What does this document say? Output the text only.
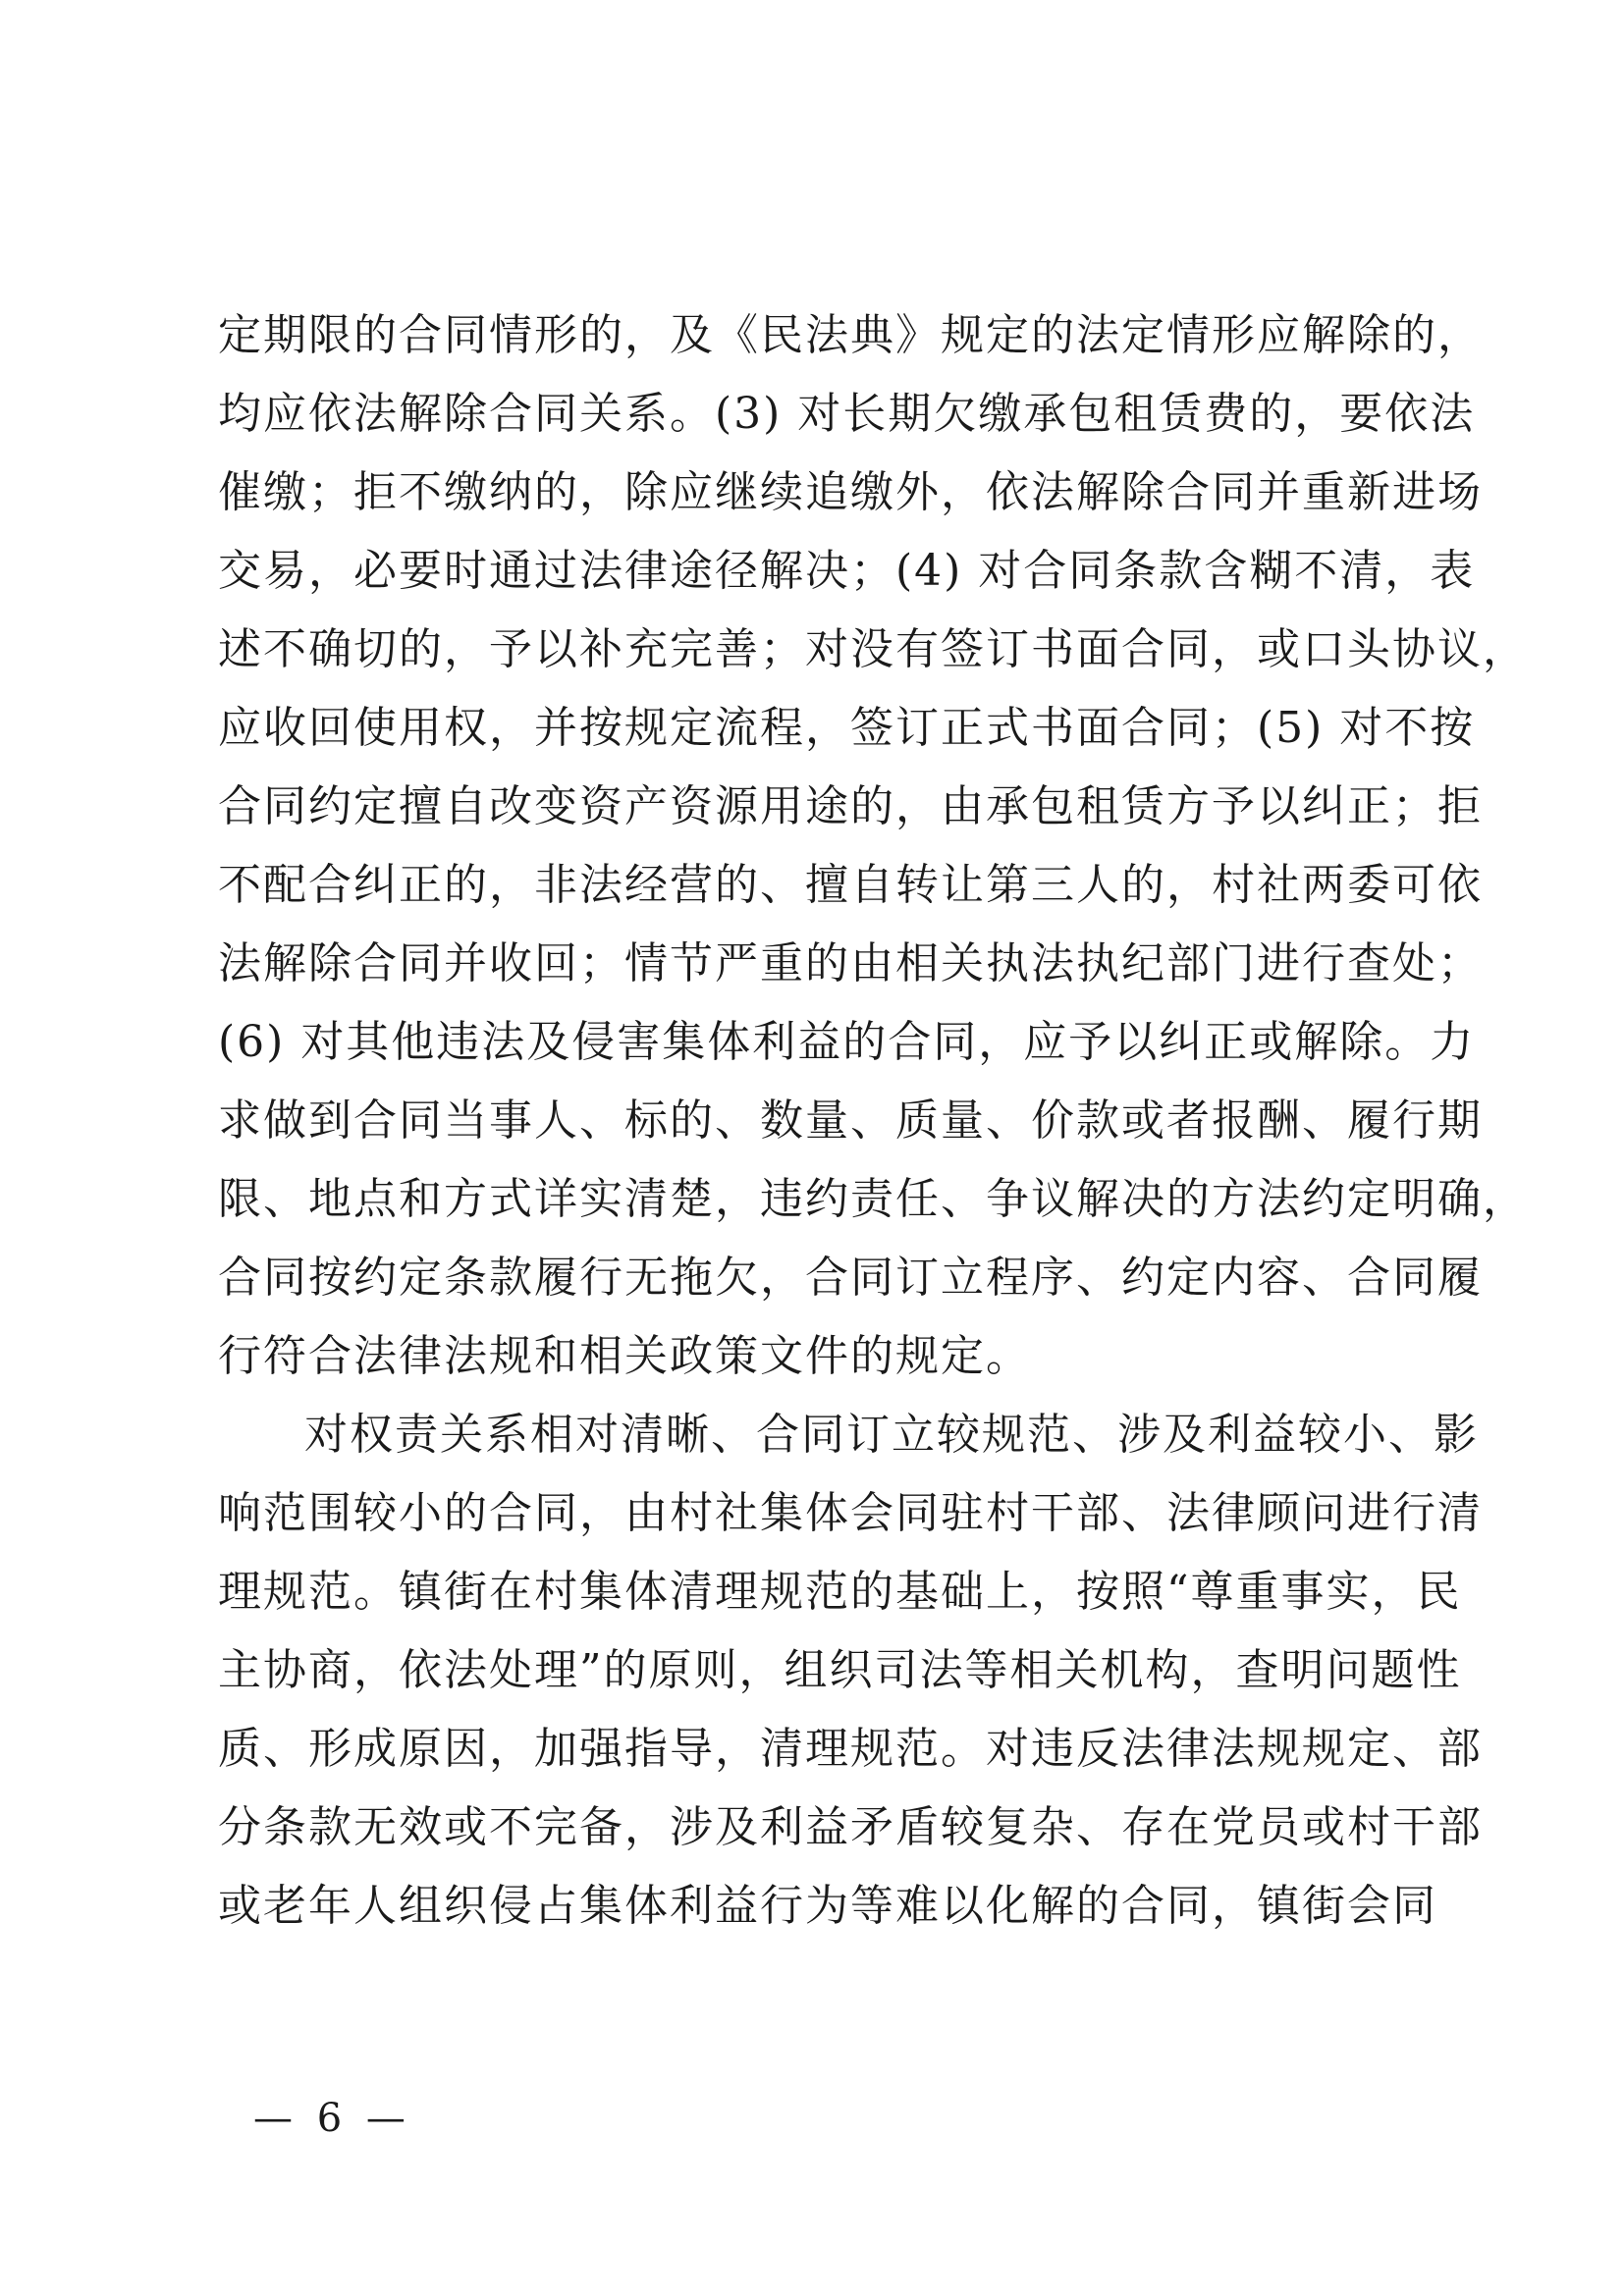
定期限的合同情形的，及《民法典》规定的法定情形应解除的，
均应依法解除合同关系。(3) 对长期欠缴承包租赁费的，要依法
催缴；拒不缴纳的，除应继续追缴外，依法解除合同并重新进场
交易，必要时通过法律途径解决；(4) 对合同条款含糊不清，表
述不确切的，予以补充完善；对没有签订书面合同，或口头协议，
应收回使用权，并按规定流程，签订正式书面合同；(5) 对不按
合同约定擅自改变资产资源用途的，由承包租赁方予以纠正；拒
不配合纠正的，非法经营的、擅自转让第三人的，村社两委可依
法解除合同并收回；情节严重的由相关执法执纪部门进行查处；
(6) 对其他违法及侵害集体利益的合同，应予以纠正或解除。力
求做到合同当事人、标的、数量、质量、价款或者报酬、履行期
限、地点和方式详实清楚，违约责任、争议解决的方法约定明确，
合同按约定条款履行无拖欠，合同订立程序、约定内容、合同履
行符合法律法规和相关政策文件的规定。
对权责关系相对清晰、合同订立较规范、涉及利益较小、影
响范围较小的合同，由村社集体会同驻村干部、法律顾问进行清
理规范。镇街在村集体清理规范的基础上，按照“尊重事实，民
主协商，依法处理”的原则，组织司法等相关机构，查明问题性
质、形成原因，加强指导，清理规范。对违反法律法规规定、部
分条款无效或不完备，涉及利益矛盾较复杂、存在党员或村干部
或老年人组织侵占集体利益行为等难以化解的合同，镇街会同
— 6 —
